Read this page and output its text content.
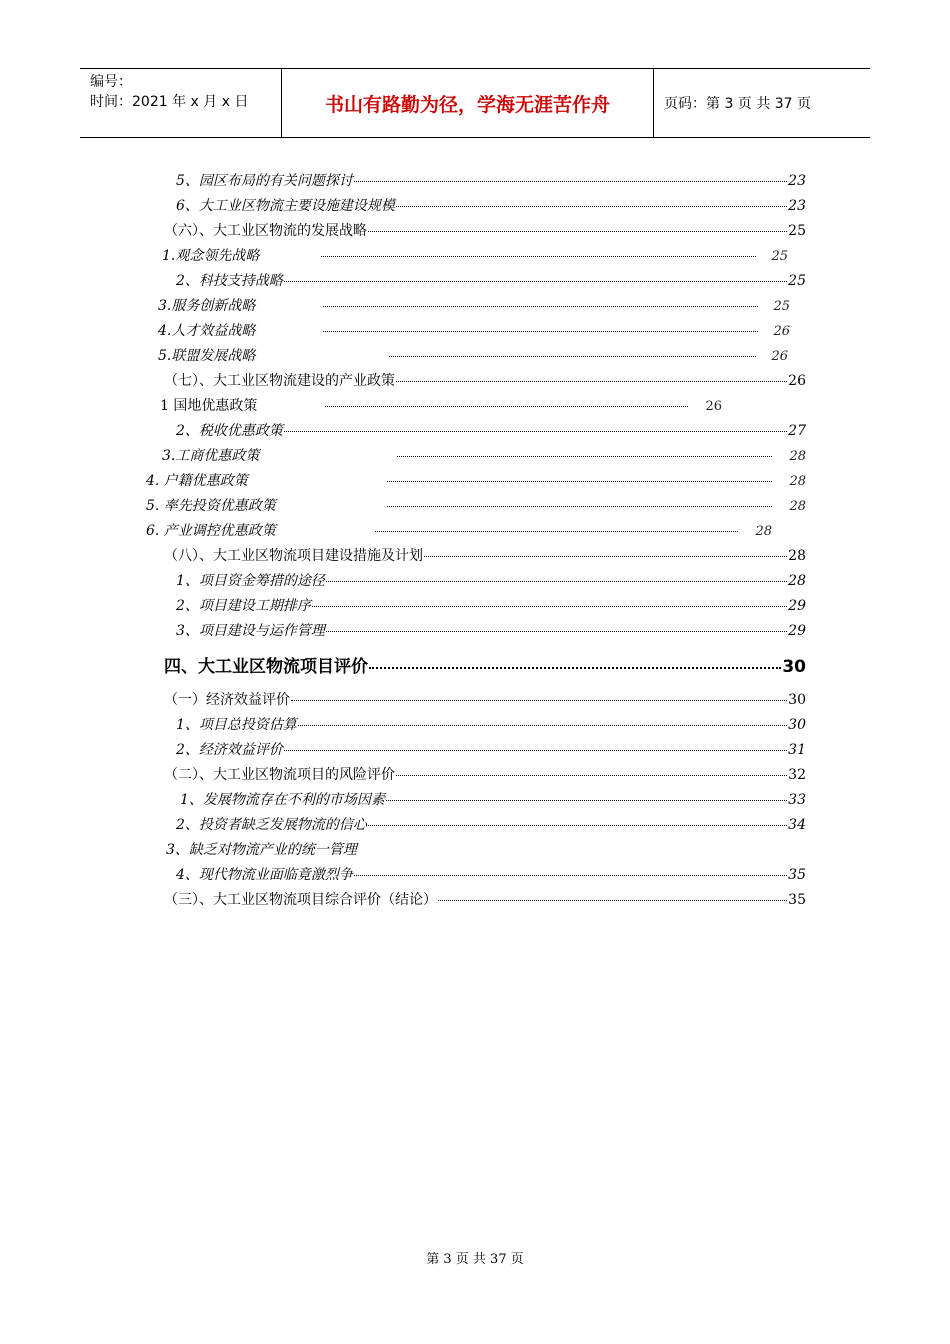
编号：
时间：2021 年 x 月 x 日	书山有路勤为径，学海无涯苦作舟	页码：第 3 页 共 37 页
5、园区布局的有关问题探讨	23
6、大工业区物流主要设施建设规模	23
（六）、大工业区物流的发展战略	25
1.观念领先战略	25
2、科技支持战略	25
3.服务创新战略	25
4.人才效益战略	26
5.联盟发展战略	26
（七）、大工业区物流建设的产业政策	26
1 国地优惠政策	26
2、税收优惠政策	27
3.工商优惠政策	28
4. 户籍优惠政策	28
5. 率先投资优惠政策	28
6. 产业调控优惠政策	28
（八）、大工业区物流项目建设措施及计划	28
1、项目资金筹措的途径	28
2、项目建设工期排序	29
3、项目建设与运作管理	29
四、大工业区物流项目评价	30
（一）经济效益评价	30
1、项目总投资估算	30
2、经济效益评价	31
（二）、大工业区物流项目的风险评价	32
1、发展物流存在不利的市场因素	33
2、投资者缺乏发展物流的信心	34
3、缺乏对物流产业的统一管理
4、现代物流业面临竟激烈争	35
（三）、大工业区物流项目综合评价（结论）	35
第 3 页 共 37 页
